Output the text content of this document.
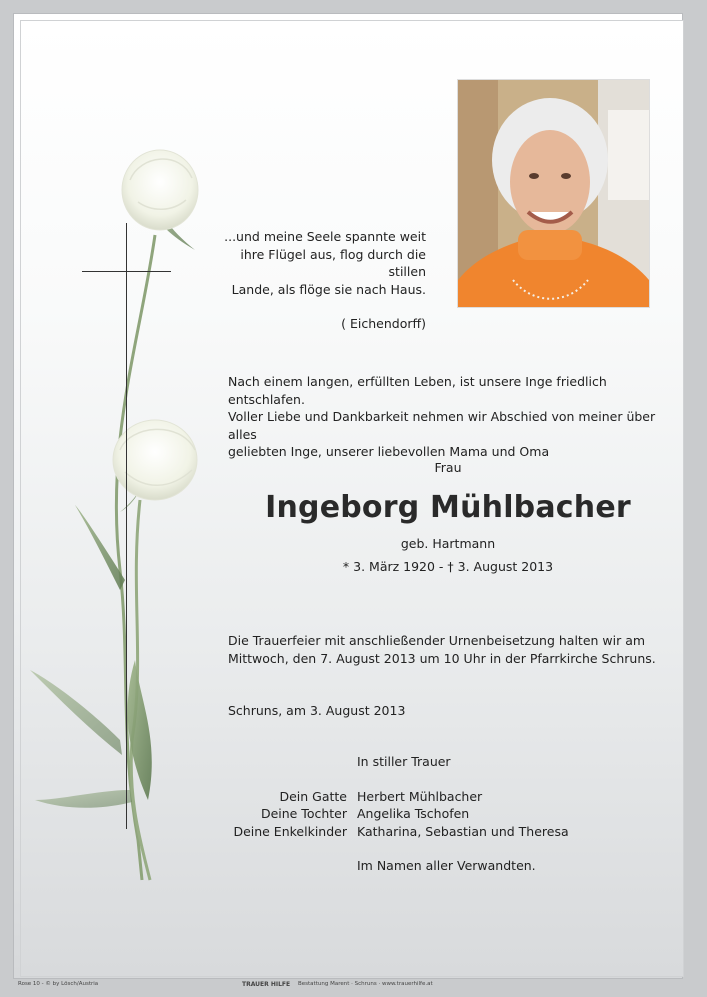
...und meine Seele spannte weit
ihre Flügel aus, flog durch die stillen
Lande, als flöge sie nach Haus.
( Eichendorff)
Nach einem langen, erfüllten Leben, ist unsere Inge friedlich entschlafen.
Voller Liebe und Dankbarkeit nehmen wir Abschied von meiner über alles
geliebten Inge, unserer liebevollen Mama und Oma
Frau
Ingeborg Mühlbacher
geb. Hartmann
* 3. März 1920 - † 3. August 2013
Die Trauerfeier mit anschließender Urnenbeisetzung halten wir am
Mittwoch, den 7. August 2013 um 10 Uhr in der Pfarrkirche Schruns.
Schruns, am 3. August 2013
In stiller Trauer
Dein Gatte Herbert Mühlbacher
Deine Tochter Angelika Tschofen
Deine Enkelkinder Katharina, Sebastian und Theresa
Im Namen aller Verwandten.
Rose 10 - © by Lösch/Austria	TRAUER HILFE Bestattung Marent · Schruns · www.trauerhilfe.at
